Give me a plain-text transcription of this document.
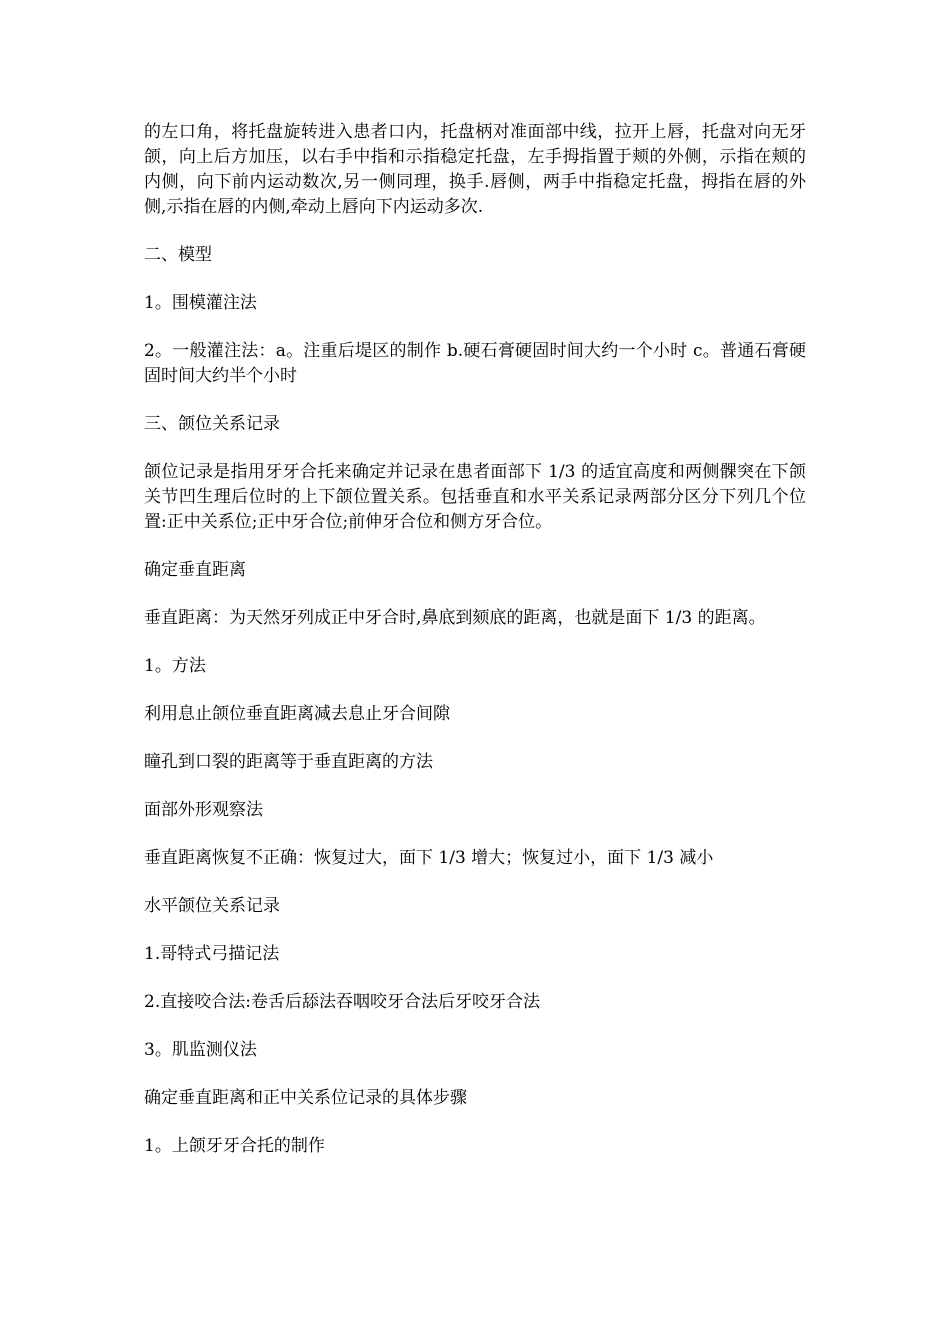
的左口角，将托盘旋转进入患者口内，托盘柄对准面部中线，拉开上唇，托盘对向无牙颌，向上后方加压，以右手中指和示指稳定托盘，左手拇指置于颊的外侧，示指在颊的内侧，向下前内运动数次,另一侧同理，换手.唇侧，两手中指稳定托盘，拇指在唇的外侧,示指在唇的内侧,牵动上唇向下内运动多次.

二、模型

1。围模灌注法

2。一般灌注法：a。注重后堤区的制作 b.硬石膏硬固时间大约一个小时 c。普通石膏硬固时间大约半个小时

三、颌位关系记录

颌位记录是指用牙牙合托来确定并记录在患者面部下 1/3 的适宜高度和两侧髁突在下颌关节凹生理后位时的上下颌位置关系。包括垂直和水平关系记录两部分区分下列几个位置:正中关系位;正中牙合位;前伸牙合位和侧方牙合位。

确定垂直距离

垂直距离：为天然牙列成正中牙合时,鼻底到颏底的距离，也就是面下 1/3 的距离。

1。方法

利用息止颌位垂直距离减去息止牙合间隙

瞳孔到口裂的距离等于垂直距离的方法

面部外形观察法

垂直距离恢复不正确：恢复过大，面下 1/3 增大；恢复过小，面下 1/3 减小

水平颌位关系记录

1.哥特式弓描记法

2.直接咬合法:卷舌后舔法吞咽咬牙合法后牙咬牙合法

3。肌监测仪法

确定垂直距离和正中关系位记录的具体步骤

1。上颌牙牙合托的制作
